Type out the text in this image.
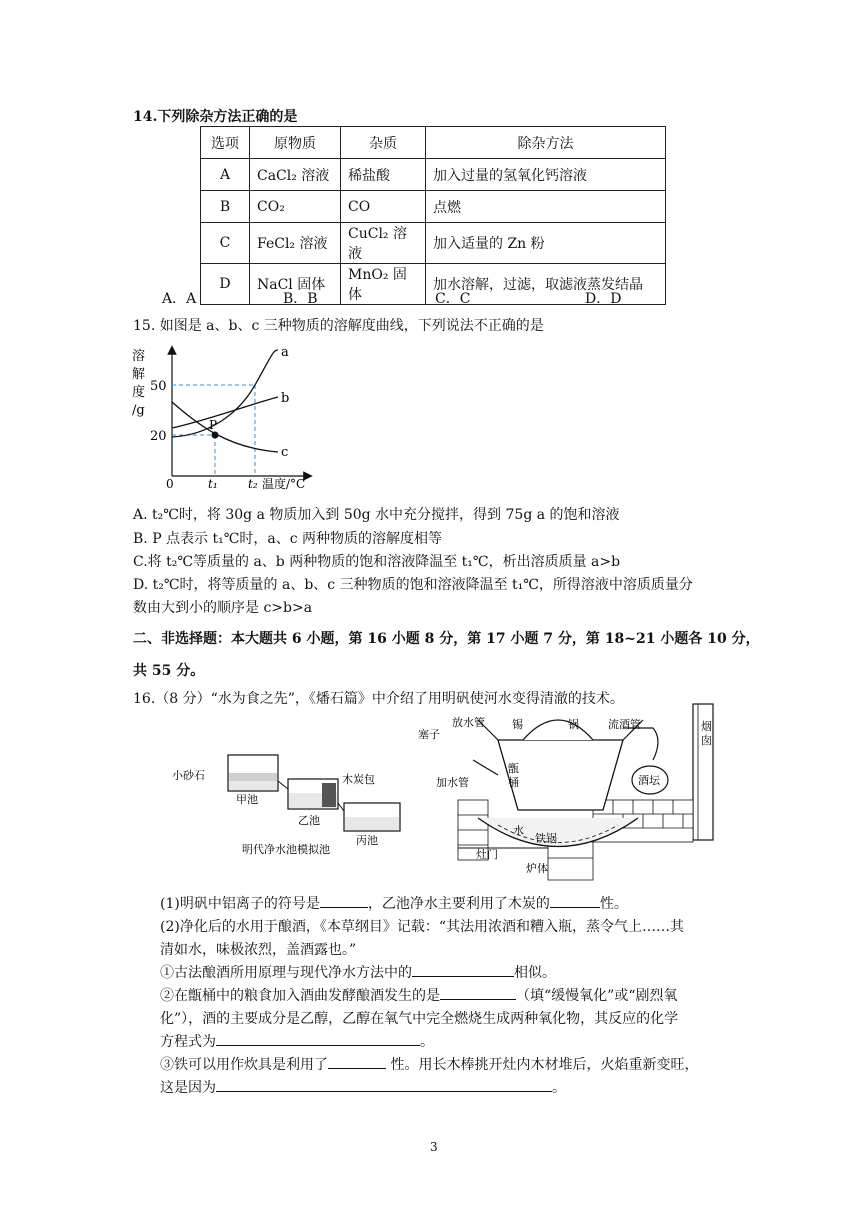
14.下列除杂方法正确的是
选项	原物质	杂质	除杂方法
A	CaCl₂ 溶液	稀盐酸	加入过量的氢氧化钙溶液
B	CO₂	CO	点燃
C	FeCl₂ 溶液	CuCl₂ 溶液	加入适量的 Zn 粉
D	NaCl 固体	MnO₂ 固体	加水溶解，过滤，取滤液蒸发结晶
A．A	B．B	C．C	D．D
15. 如图是 a、b、c 三种物质的溶解度曲线，下列说法不正确的是
溶
解
度
/g
50
20
0	t₁	t₂ 温度/°C
a
b
c
P
A. t₂℃时，将 30g a 物质加入到 50g 水中充分搅拌，得到 75g a 的饱和溶液
B. P 点表示 t₁℃时，a、c 两种物质的溶解度相等
C.将 t₂℃等质量的 a、b 两种物质的饱和溶液降温至 t₁℃，析出溶质质量 a>b
D. t₂℃时，将等质量的 a、b、c 三种物质的饱和溶液降温至 t₁℃，所得溶液中溶质质量分
数由大到小的顺序是 c>b>a
二、非选择题：本大题共 6 小题，第 16 小题 8 分，第 17 小题 7 分，第 18~21 小题各 10 分，
共 55 分。
16.（8 分）“水为食之先”，《燔石篇》中介绍了用明矾使河水变得清澈的技术。
小砂石
甲池
木炭包
乙池
丙池
明代净水池模拟池
放水管
塞子
锡	锅	流酒管	烟
囱
加水管
甑
桶	酒坛
水
铁锅
灶门
炉体
(1)明矾中铝离子的符号是	，乙池净水主要利用了木炭的	性。
(2)净化后的水用于酿酒，《本草纲目》记载：“其法用浓酒和糟入瓶，蒸令气上……其
清如水，味极浓烈，盖酒露也。”
①古法酿酒所用原理与现代净水方法中的	相似。
②在甑桶中的粮食加入酒曲发酵酿酒发生的是	（填“缓慢氧化”或“剧烈氧
化”），酒的主要成分是乙醇，乙醇在氧气中完全燃烧生成两种氧化物，其反应的化学
方程式为	。
③铁可以用作炊具是利用了	性。用长木棒挑开灶内木材堆后，火焰重新变旺，
这是因为	。
3
